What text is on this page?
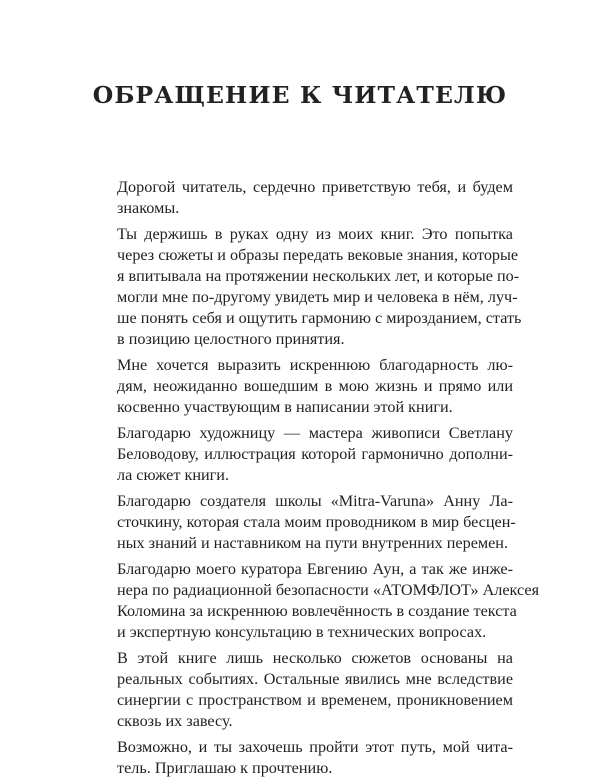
ОБРАЩЕНИЕ К ЧИТАТЕЛЮ

Дорогой читатель, сердечно приветствую тебя, и будем
знакомы.

Ты держишь в руках одну из моих книг. Это попытка
через сюжеты и образы передать вековые знания, которые
я впитывала на протяжении нескольких лет, и которые по-
могли мне по-другому увидеть мир и человека в нём, луч-
ше понять себя и ощутить гармонию с мирозданием, стать
в позицию целостного принятия.

Мне хочется выразить искреннюю благодарность лю-
дям, неожиданно вошедшим в мою жизнь и прямо или
косвенно участвующим в написании этой книги.

Благодарю художницу — мастера живописи Светлану
Беловодову, иллюстрация которой гармонично дополни-
ла сюжет книги.

Благодарю создателя школы «Mitra-Varuna» Анну Ла-
сточкину, которая стала моим проводником в мир бесцен-
ных знаний и наставником на пути внутренних перемен.

Благодарю моего куратора Евгению Аун, а так же инже-
нера по радиационной безопасности «АТОМФЛОТ» Алексея
Коломина за искреннюю вовлечённость в создание текста
и экспертную консультацию в технических вопросах.

В этой книге лишь несколько сюжетов основаны на
реальных событиях. Остальные явились мне вследствие
синергии с пространством и временем, проникновением
сквозь их завесу.

Возможно, и ты захочешь пройти этот путь, мой чита-
тель. Приглашаю к прочтению.
